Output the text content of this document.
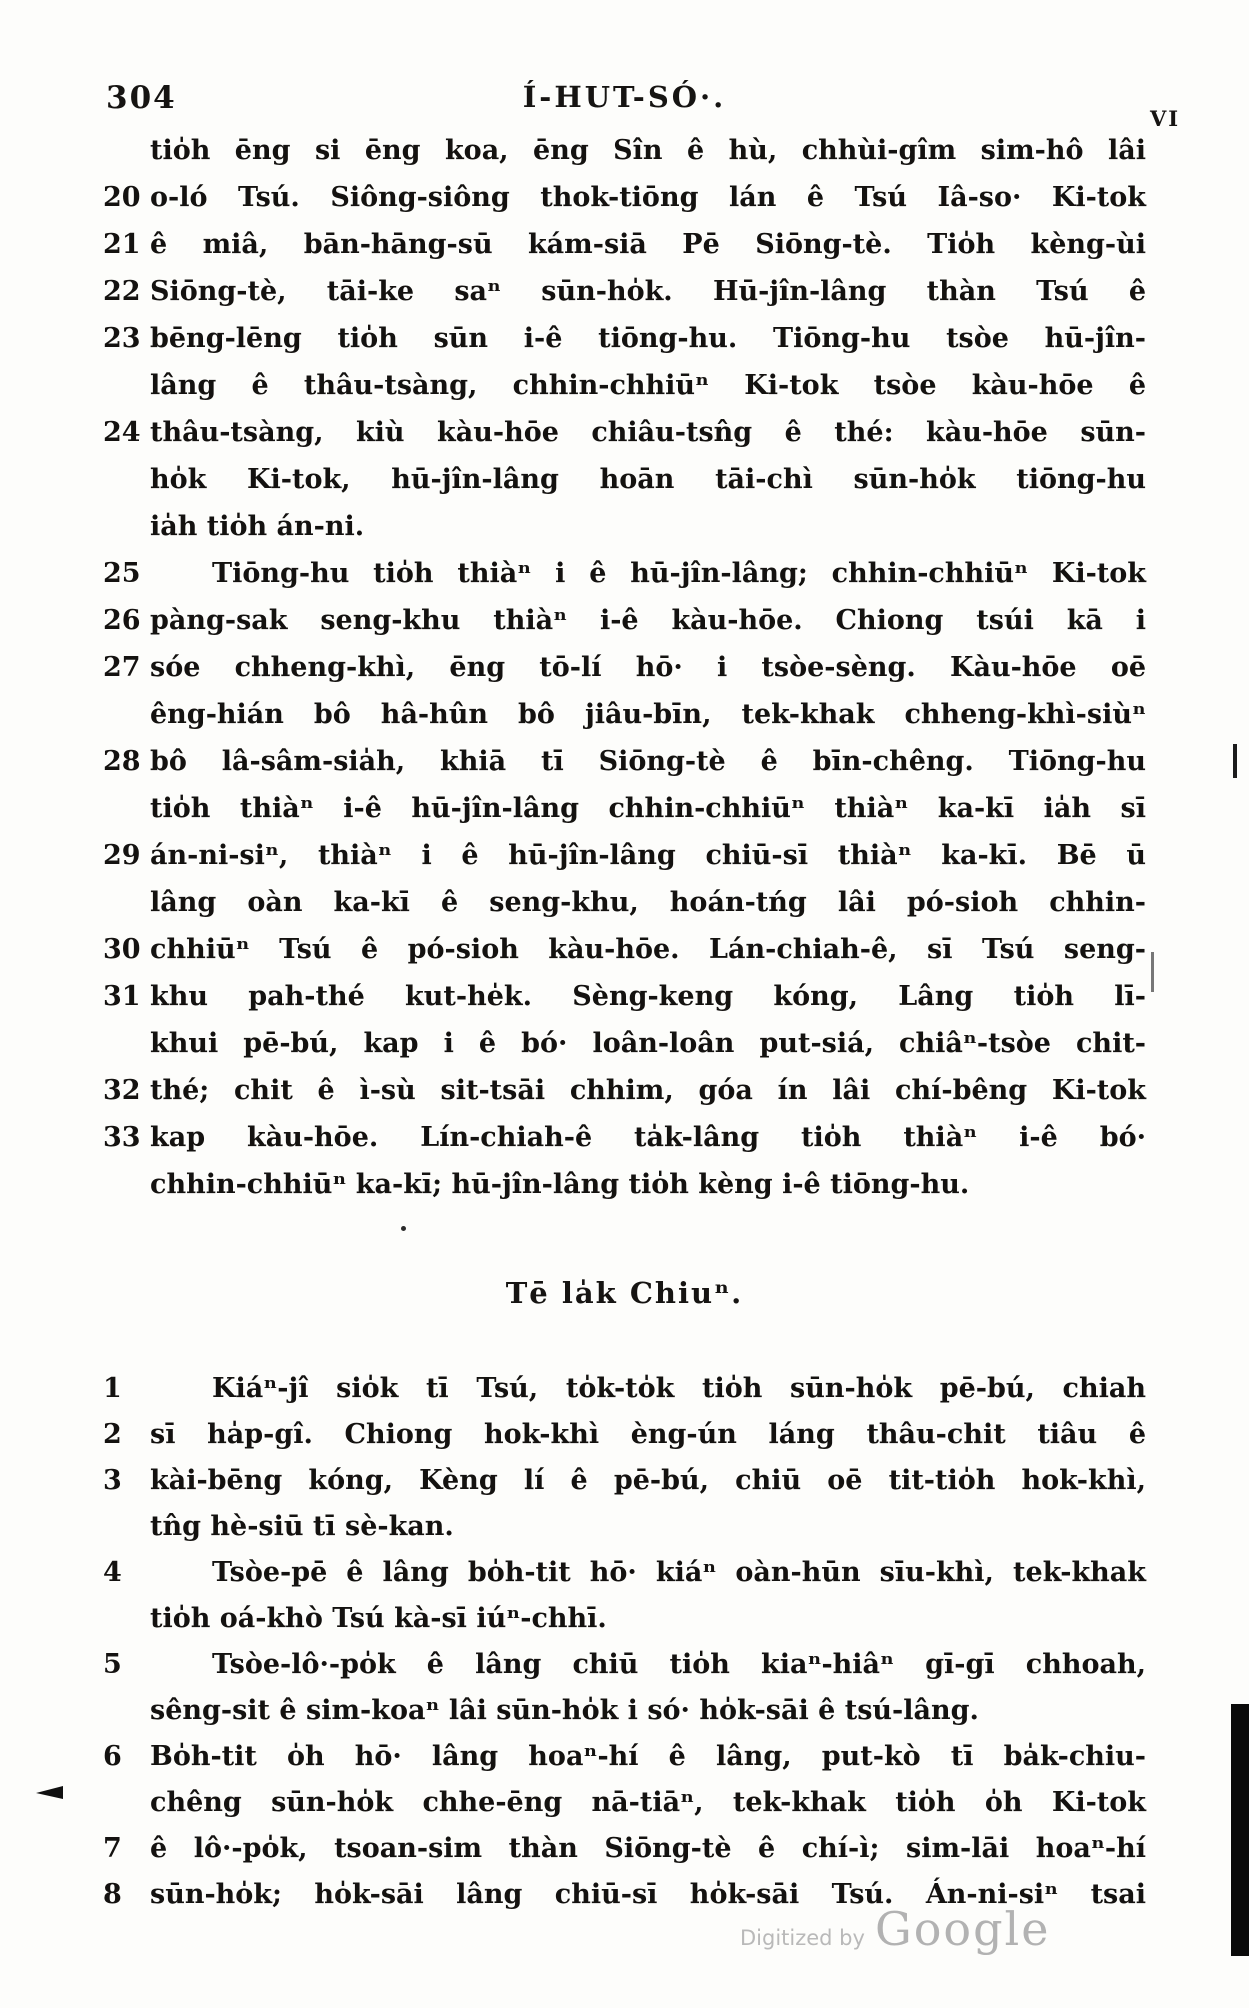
304	Í-HUT-SÓ·.
VI
tio̍h ēng si ēng koa, ēng Sîn ê hù, chhùi-gîm sim-hô lâi
20 o-ló Tsú. Siông-siông thok-tiōng lán ê Tsú Iâ-so· Ki-tok
21 ê miâ, bān-hāng-sū kám-siā Pē Siōng-tè. Tio̍h kèng-ùi
22 Siōng-tè, tāi-ke saⁿ sūn-ho̍k. Hū-jîn-lâng thàn Tsú ê
23 bēng-lēng tio̍h sūn i-ê tiōng-hu. Tiōng-hu tsòe hū-jîn-
lâng ê thâu-tsàng, chhin-chhiūⁿ Ki-tok tsòe kàu-hōe ê
24 thâu-tsàng, kiù kàu-hōe chiâu-tsn̂g ê thé: kàu-hōe sūn-
ho̍k Ki-tok, hū-jîn-lâng hoān tāi-chì sūn-ho̍k tiōng-hu
ia̍h tio̍h án-ni.
25	Tiōng-hu tio̍h thiàⁿ i ê hū-jîn-lâng; chhin-chhiūⁿ Ki-tok
26 pàng-sak seng-khu thiàⁿ i-ê kàu-hōe. Chiong tsúi kā i
27 sóe chheng-khì, ēng tō-lí hō· i tsòe-sèng. Kàu-hōe oē
êng-hián bô hâ-hûn bô jiâu-bīn, tek-khak chheng-khì-siùⁿ
28 bô lâ-sâm-sia̍h, khiā tī Siōng-tè ê bīn-chêng. Tiōng-hu
tio̍h thiàⁿ i-ê hū-jîn-lâng chhin-chhiūⁿ thiàⁿ ka-kī ia̍h sī
29 án-ni-siⁿ, thiàⁿ i ê hū-jîn-lâng chiū-sī thiàⁿ ka-kī. Bē ū
lâng oàn ka-kī ê seng-khu, hoán-tńg lâi pó-sioh chhin-
30 chhiūⁿ Tsú ê pó-sioh kàu-hōe. Lán-chiah-ê, sī Tsú seng-
31 khu pah-thé kut-he̍k. Sèng-keng kóng, Lâng tio̍h lī-
khui pē-bú, kap i ê bó· loân-loân put-siá, chiâⁿ-tsòe chit-
32 thé; chit ê ì-sù sit-tsāi chhim, góa ín lâi chí-bêng Ki-tok
33 kap kàu-hōe. Lín-chiah-ê ta̍k-lâng tio̍h thiàⁿ i-ê bó·
chhin-chhiūⁿ ka-kī; hū-jîn-lâng tio̍h kèng i-ê tiōng-hu.
Tē la̍k Chiuⁿ.
1	Kiáⁿ-jî sio̍k tī Tsú, to̍k-to̍k tio̍h sūn-ho̍k pē-bú, chiah
2 sī ha̍p-gî. Chiong hok-khì èng-ún láng thâu-chit tiâu ê
3 kài-bēng kóng, Kèng lí ê pē-bú, chiū oē tit-tio̍h hok-khì,
tn̂g hè-siū tī sè-kan.
4	Tsòe-pē ê lâng bo̍h-tit hō· kiáⁿ oàn-hūn sīu-khì, tek-khak
tio̍h oá-khò Tsú kà-sī iúⁿ-chhī.
5	Tsòe-lô·-po̍k ê lâng chiū tio̍h kiaⁿ-hiâⁿ gī-gī chhoah,
sêng-sit ê sim-koaⁿ lâi sūn-ho̍k i só· ho̍k-sāi ê tsú-lâng.
6 Bo̍h-tit o̍h hō· lâng hoaⁿ-hí ê lâng, put-kò tī ba̍k-chiu-
chêng sūn-ho̍k chhe-ēng nā-tiāⁿ, tek-khak tio̍h o̍h Ki-tok
7 ê lô·-po̍k, tsoan-sim thàn Siōng-tè ê chí-ì; sim-lāi hoaⁿ-hí
8 sūn-ho̍k; ho̍k-sāi lâng chiū-sī ho̍k-sāi Tsú. Án-ni-siⁿ tsai
Digitized by Google
